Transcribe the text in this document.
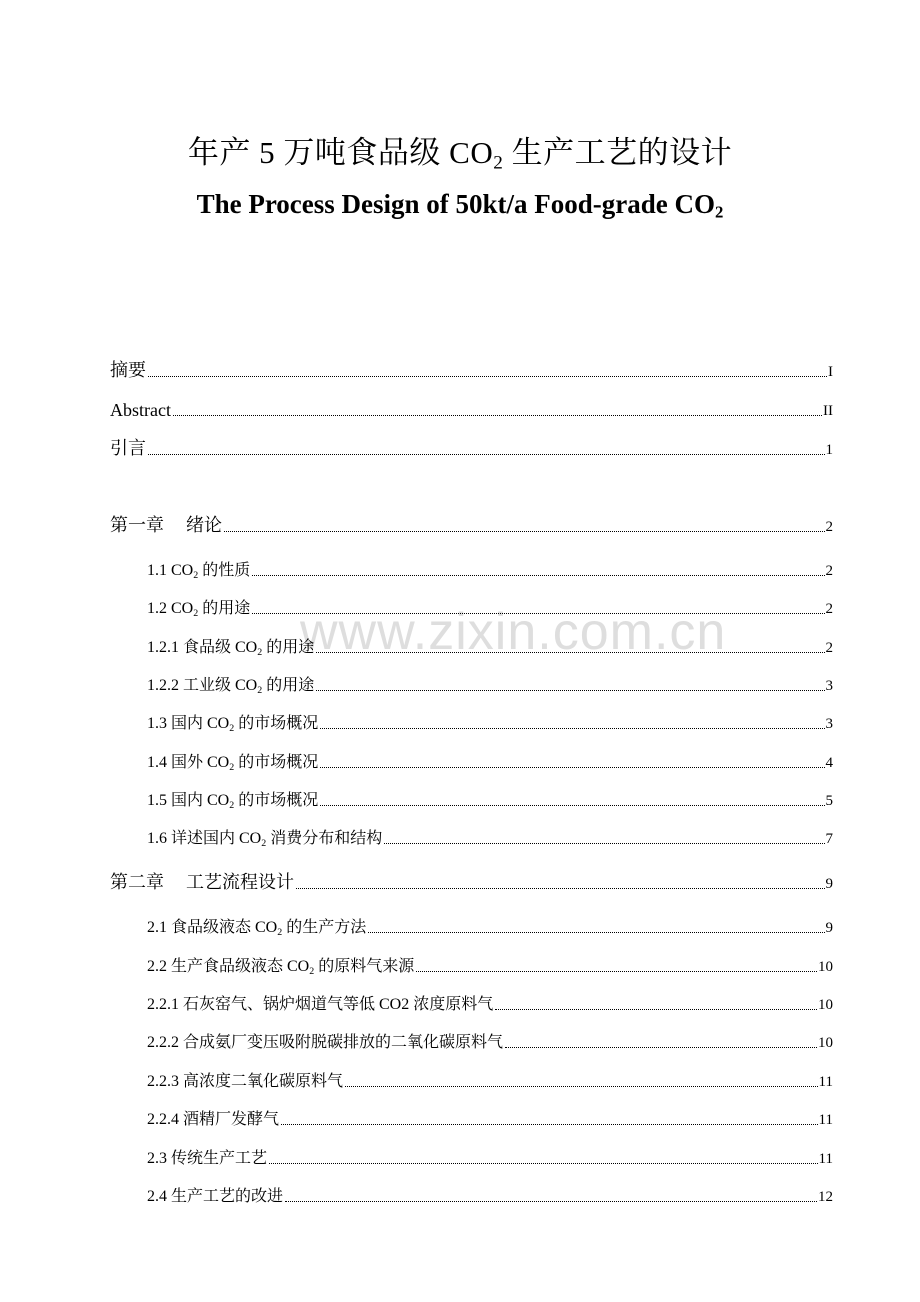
年产 5 万吨食品级 $CO_2$ 生产工艺的设计
The Process Design of 50kt/a Food-grade $CO_2$
www.zixin.com.cn
摘要	I
Abstract	II
引言	1
第一章 绪论	2
1.1 $CO_2$ 的性质	2
1.2 $CO_2$ 的用途	2
1.2.1 食品级 $CO_2$ 的用途	2
1.2.2 工业级 $CO_2$ 的用途	3
1.3 国内 $CO_2$ 的市场概况	3
1.4 国外 $CO_2$ 的市场概况	4
1.5 国内 $CO_2$ 的市场概况	5
1.6 详述国内 $CO_2$ 消费分布和结构	7
第二章 工艺流程设计	9
2.1 食品级液态 $CO_2$ 的生产方法	9
2.2 生产食品级液态 $CO_2$ 的原料气来源	10
2.2.1 石灰窑气、锅炉烟道气等低 CO2 浓度原料气	10
2.2.2 合成氨厂变压吸附脱碳排放的二氧化碳原料气	10
2.2.3 高浓度二氧化碳原料气	11
2.2.4 酒精厂发酵气	11
2.3 传统生产工艺	11
2.4 生产工艺的改进	12
